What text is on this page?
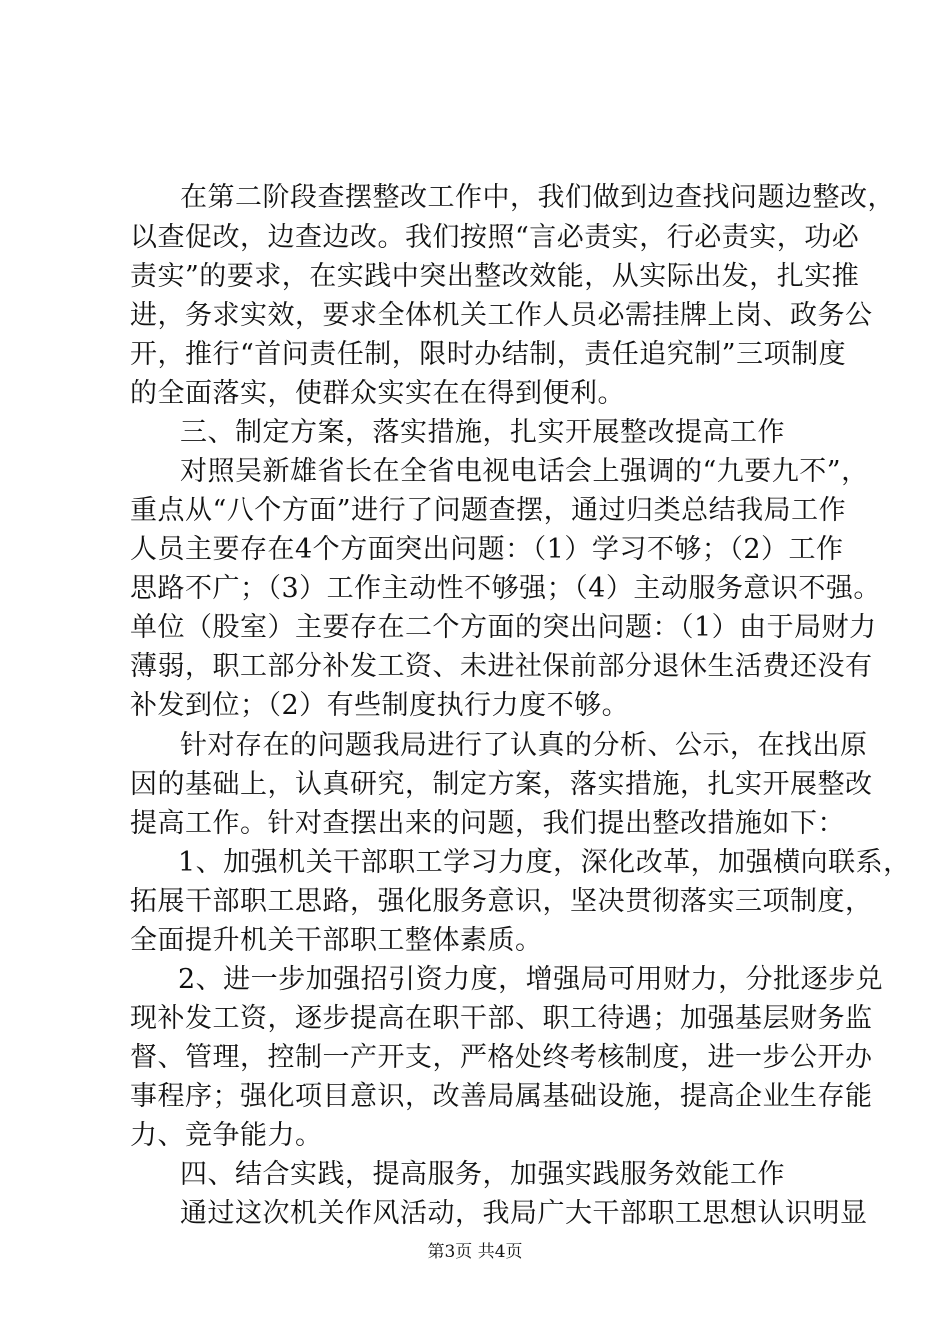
在第二阶段查摆整改工作中，我们做到边查找问题边整改，
以查促改，边查边改。我们按照“言必责实，行必责实，功必
责实”的要求，在实践中突出整改效能，从实际出发，扎实推
进，务求实效，要求全体机关工作人员必需挂牌上岗、政务公
开，推行“首问责任制，限时办结制，责任追究制”三项制度
的全面落实，使群众实实在在得到便利。
三、制定方案，落实措施，扎实开展整改提高工作
对照吴新雄省长在全省电视电话会上强调的“九要九不”，
重点从“八个方面”进行了问题查摆，通过归类总结我局工作
人员主要存在4个方面突出问题：（1）学习不够；（2）工作
思路不广；（3）工作主动性不够强；（4）主动服务意识不强。
单位（股室）主要存在二个方面的突出问题：（1）由于局财力
薄弱，职工部分补发工资、未进社保前部分退休生活费还没有
补发到位；（2）有些制度执行力度不够。
针对存在的问题我局进行了认真的分析、公示，在找出原
因的基础上，认真研究，制定方案，落实措施，扎实开展整改
提高工作。针对查摆出来的问题，我们提出整改措施如下：
1、加强机关干部职工学习力度，深化改革，加强横向联系，
拓展干部职工思路，强化服务意识，坚决贯彻落实三项制度，
全面提升机关干部职工整体素质。
2、进一步加强招引资力度，增强局可用财力，分批逐步兑
现补发工资，逐步提高在职干部、职工待遇；加强基层财务监
督、管理，控制一产开支，严格处终考核制度，进一步公开办
事程序；强化项目意识，改善局属基础设施，提高企业生存能
力、竞争能力。
四、结合实践，提高服务，加强实践服务效能工作
通过这次机关作风活动，我局广大干部职工思想认识明显
第3页 共4页
